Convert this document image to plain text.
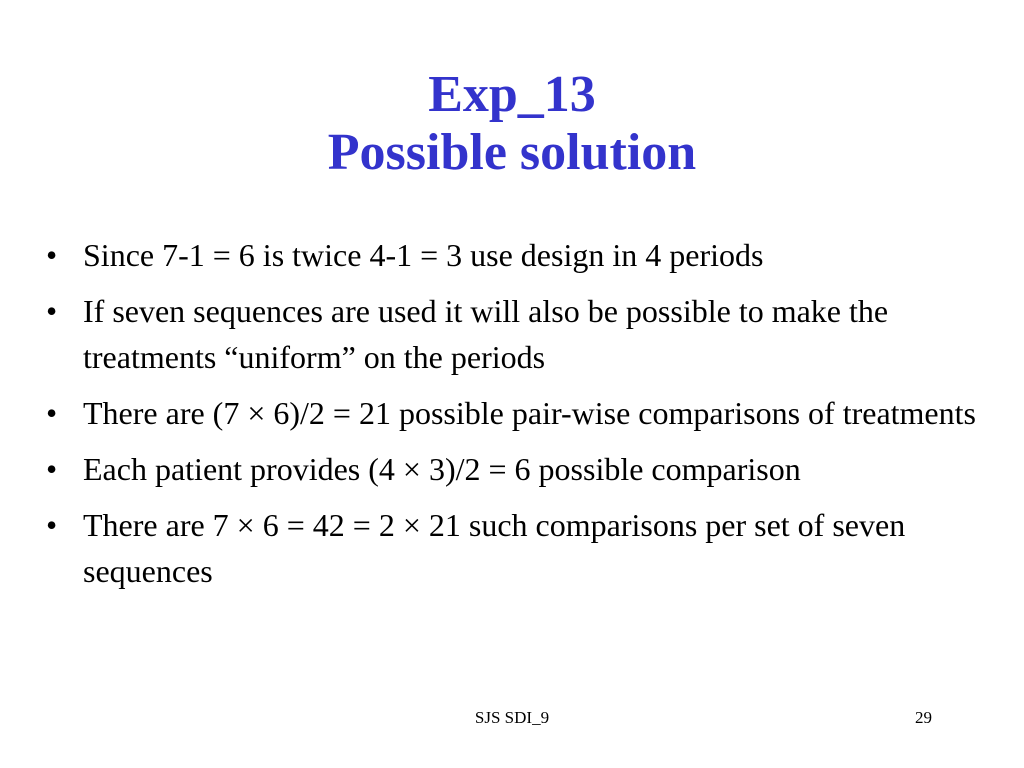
Exp_13
Possible solution
• Since 7-1 = 6 is twice 4-1 = 3 use design in 4 periods
• If seven sequences are used it will also be possible to make the treatments “uniform” on the periods
• There are (7 × 6)/2 = 21 possible pair-wise comparisons of treatments
• Each patient provides (4 × 3)/2 = 6 possible comparison
• There are 7 × 6 = 42 = 2 × 21 such comparisons per set of seven sequences
SJS SDI_9	29
